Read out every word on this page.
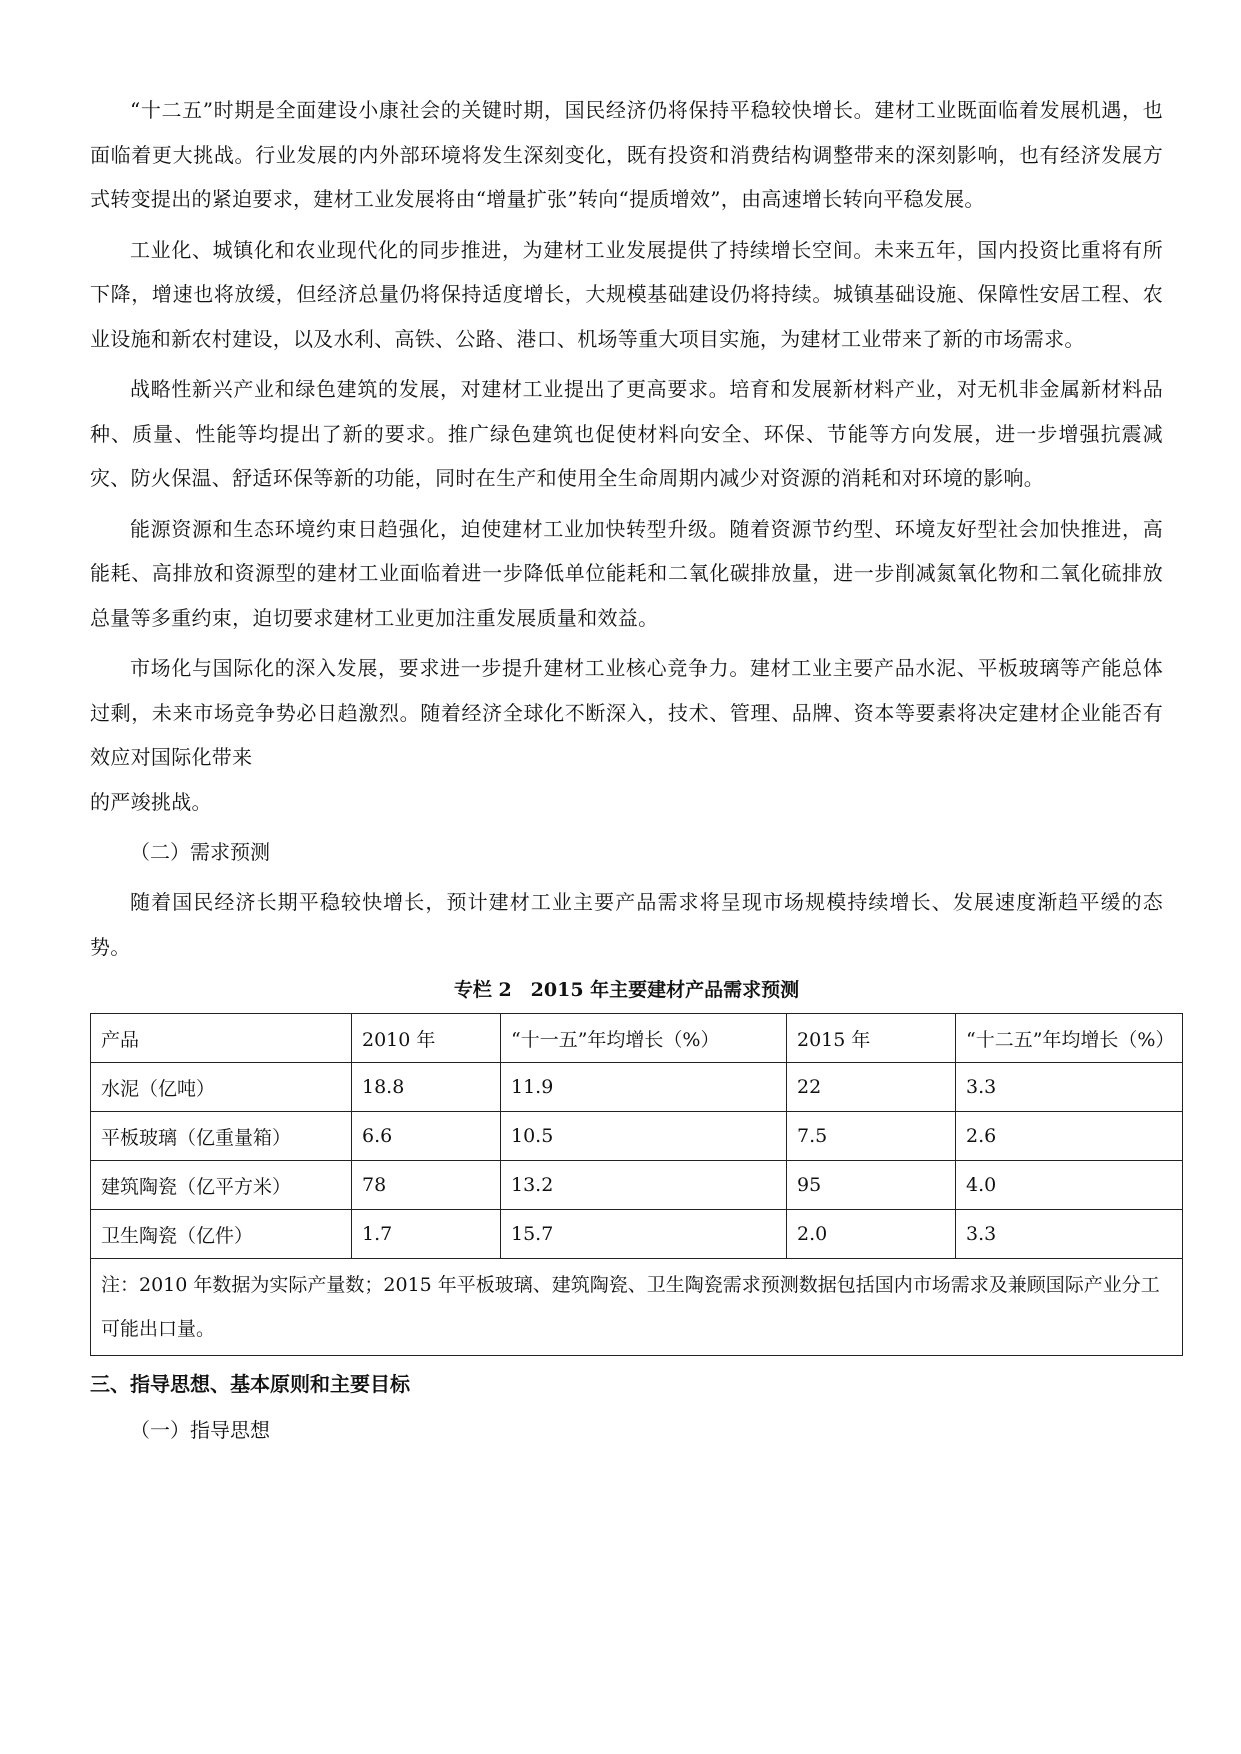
“十二五”时期是全面建设小康社会的关键时期，国民经济仍将保持平稳较快增长。建材工业既面临着发展机遇，也面临着更大挑战。行业发展的内外部环境将发生深刻变化，既有投资和消费结构调整带来的深刻影响，也有经济发展方式转变提出的紧迫要求，建材工业发展将由“增量扩张”转向“提质增效”，由高速增长转向平稳发展。

工业化、城镇化和农业现代化的同步推进，为建材工业发展提供了持续增长空间。未来五年，国内投资比重将有所下降，增速也将放缓，但经济总量仍将保持适度增长，大规模基础建设仍将持续。城镇基础设施、保障性安居工程、农业设施和新农村建设，以及水利、高铁、公路、港口、机场等重大项目实施，为建材工业带来了新的市场需求。

战略性新兴产业和绿色建筑的发展，对建材工业提出了更高要求。培育和发展新材料产业，对无机非金属新材料品种、质量、性能等均提出了新的要求。推广绿色建筑也促使材料向安全、环保、节能等方向发展，进一步增强抗震减灾、防火保温、舒适环保等新的功能，同时在生产和使用全生命周期内减少对资源的消耗和对环境的影响。

能源资源和生态环境约束日趋强化，迫使建材工业加快转型升级。随着资源节约型、环境友好型社会加快推进，高能耗、高排放和资源型的建材工业面临着进一步降低单位能耗和二氧化碳排放量，进一步削减氮氧化物和二氧化硫排放总量等多重约束，迫切要求建材工业更加注重发展质量和效益。

市场化与国际化的深入发展，要求进一步提升建材工业核心竞争力。建材工业主要产品水泥、平板玻璃等产能总体过剩，未来市场竞争势必日趋激烈。随着经济全球化不断深入，技术、管理、品牌、资本等要素将决定建材企业能否有效应对国际化带来

的严竣挑战。

（二）需求预测

随着国民经济长期平稳较快增长，预计建材工业主要产品需求将呈现市场规模持续增长、发展速度渐趋平缓的态势。

专栏 2　2015 年主要建材产品需求预测
产品	2010 年	“十一五”年均增长（%）	2015 年	“十二五”年均增长（%）
水泥（亿吨）	18.8	11.9	22	3.3
平板玻璃（亿重量箱）	6.6	10.5	7.5	2.6
建筑陶瓷（亿平方米）	78	13.2	95	4.0
卫生陶瓷（亿件）	1.7	15.7	2.0	3.3
注：2010 年数据为实际产量数；2015 年平板玻璃、建筑陶瓷、卫生陶瓷需求预测数据包括国内市场需求及兼顾国际产业分工可能出口量。				
三、指导思想、基本原则和主要目标

（一）指导思想
